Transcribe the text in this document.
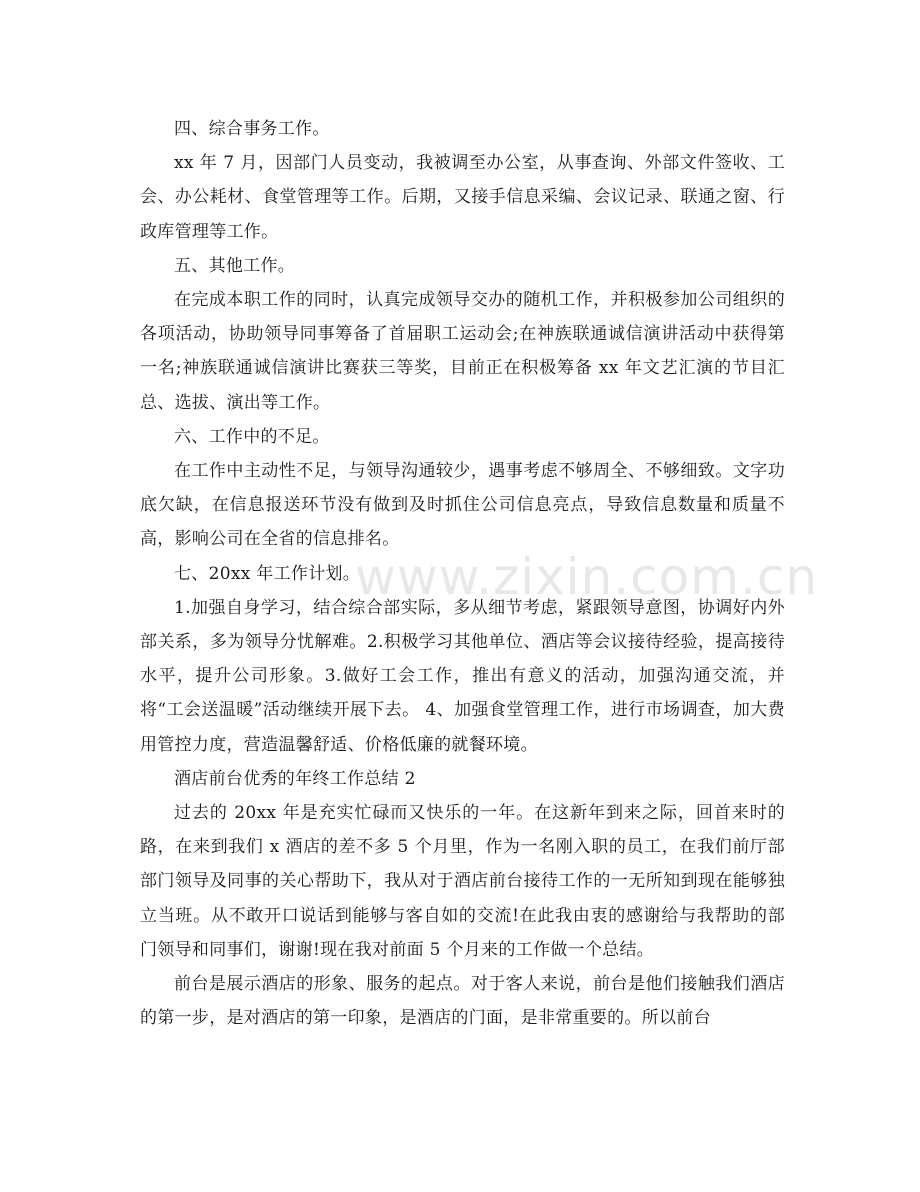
四、综合事务工作。

xx 年 7 月，因部门人员变动，我被调至办公室，从事查询、外部文件签收、工会、办公耗材、食堂管理等工作。后期，又接手信息采编、会议记录、联通之窗、行政库管理等工作。

五、其他工作。

在完成本职工作的同时，认真完成领导交办的随机工作，并积极参加公司组织的各项活动，协助领导同事筹备了首届职工运动会;在神族联通诚信演讲活动中获得第一名;神族联通诚信演讲比赛获三等奖，目前正在积极筹备 xx 年文艺汇演的节目汇总、选拔、演出等工作。

六、工作中的不足。

在工作中主动性不足，与领导沟通较少，遇事考虑不够周全、不够细致。文字功底欠缺，在信息报送环节没有做到及时抓住公司信息亮点，导致信息数量和质量不高，影响公司在全省的信息排名。

七、20xx 年工作计划。

1.加强自身学习，结合综合部实际，多从细节考虑，紧跟领导意图，协调好内外部关系，多为领导分忧解难。2.积极学习其他单位、酒店等会议接待经验，提高接待水平，提升公司形象。3.做好工会工作，推出有意义的活动，加强沟通交流，并将“工会送温暖”活动继续开展下去。 4、加强食堂管理工作，进行市场调查，加大费用管控力度，营造温馨舒适、价格低廉的就餐环境。

酒店前台优秀的年终工作总结 2

过去的 20xx 年是充实忙碌而又快乐的一年。在这新年到来之际，回首来时的路，在来到我们 x 酒店的差不多 5 个月里，作为一名刚入职的员工，在我们前厅部部门领导及同事的关心帮助下，我从对于酒店前台接待工作的一无所知到现在能够独立当班。从不敢开口说话到能够与客自如的交流!在此我由衷的感谢给与我帮助的部门领导和同事们，谢谢!现在我对前面 5 个月来的工作做一个总结。

前台是展示酒店的形象、服务的起点。对于客人来说，前台是他们接触我们酒店的第一步，是对酒店的第一印象，是酒店的门面，是非常重要的。所以前台

www.zixin.com.cn
